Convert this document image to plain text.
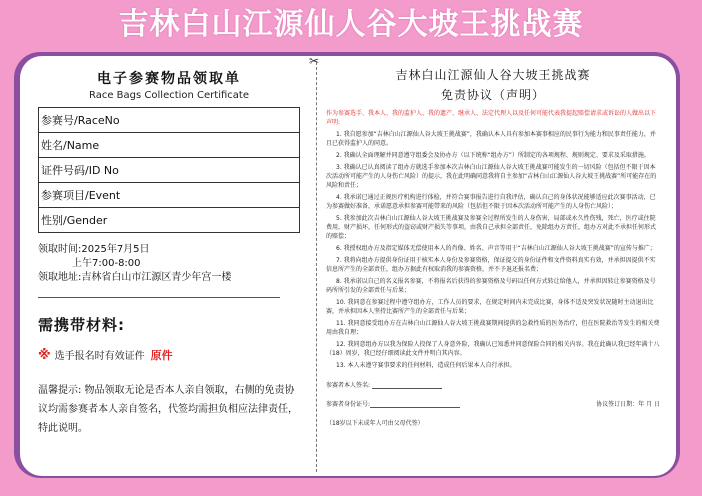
吉林白山江源仙人谷大坡王挑战赛
✂
电子参赛物品领取单
Race Bags Collection Certificate
参赛号/RaceNo
姓名/Name
证件号码/ID No
参赛项目/Event
性别/Gender
领取时间:2025年7月5日
上午7:00-8:00
领取地址:吉林省白山市江源区青少年宫一楼
需携带材料:
※ 选手报名时有效证件 原件
温馨提示: 物品领取无论是否本人亲自领取，右侧的免责协议均需参赛者本人亲自签名，代签均需担负相应法律责任，特此说明。
吉林白山江源仙人谷大坡王挑战赛
免责协议（声明）
作为参赛选手、我本人、我的监护人、我的遗产、继承人、法定代理人以及任何可能代表我提起赔偿请求或诉讼的人做出以下声明:
1. 我自愿参加“吉林白山江源仙人谷大坡王挑战赛”，我确认本人具有参加本赛事相应的民事行为能力和民事责任能力，并且已获得监护人的同意。
2. 我确认全面理解并同意遵守组委会及协办方（以下统称“组办方”）所制定的各项规程、规则规定、要求及采取措施。
3. 我确认已认真阅读了组办方就选手参加本次吉林白山江源仙人谷大坡王挑战赛可能发生的一切风险（包括但不限于因本次活动所可能产生的人身伤亡风险）的提示，我在此明确同意我将自主参加“吉林白山江源仙人谷大坡王挑战赛”所可能存在的风险和责任；
4. 我承诺已通过正规医疗机构进行体检，并符合赛事报告进行自我评估，确认自己的身体状况能够适应此次赛事活动，已为参赛做好准备，承诺愿意承担参赛可能带来的风险（包括但不限于因本次活动所可能产生的人身伤亡风险）；
5. 我参加此次吉林白山江源仙人谷大坡王挑战赛及参赛全过程所发生的人身伤害，局部或永久性伤残，死亡，医疗或住院费用，财产损坏，任何形式的盗窃或财产损失等事项，由我自己承担全部责任，免除组办方责任，组办方对此不承担任何形式的赔偿；
6. 我授权组办方及指定媒体无偿使用本人的肖像、姓名、声音等用于“吉林白山江源仙人谷大坡王挑战赛”的宣传与推广；
7. 我将向组办方提供身份证用于核实本人身份及参赛资格，保证提交的身份证件和文件资料真实有效，并承担因提供不实信息所产生的全部责任，组办方据此有权取消我的参赛资格，并不予退还报名费；
8. 我承诺以自己的名义报名参赛，不将报名后获得的参赛资格及号码以任何方式转让给他人，并承担因转让参赛资格及号码所所引发的全部责任与后果；
10. 我同意在参赛过程中遵守组办方，工作人员的要求，在规定时间内未完成比赛，身体不适及突发状况随时主动退出比赛，并承担因本人坚持比赛所产生的全部责任与后果；
11. 我同意接受组办方在吉林白山江源仙人谷大坡王挑战赛期间提供的急救性质的医务治疗，但在医院救治等发生的相关费用由我自理；
12. 我同意组办方以我为保险人投保了人身意外险，我确认已知悉并同意保险合同的相关内容。我在此确认我已经年满十八（18）周岁，我已经仔细阅读此文件并明白其内容。
13. 本人未遵守赛事要求的任何材料，造成任何后果本人自行承担。
参赛者本人签名:
参赛者身份证号:	协议签订日期：年 月 日
（18岁以下未成年人可由父母代签）
